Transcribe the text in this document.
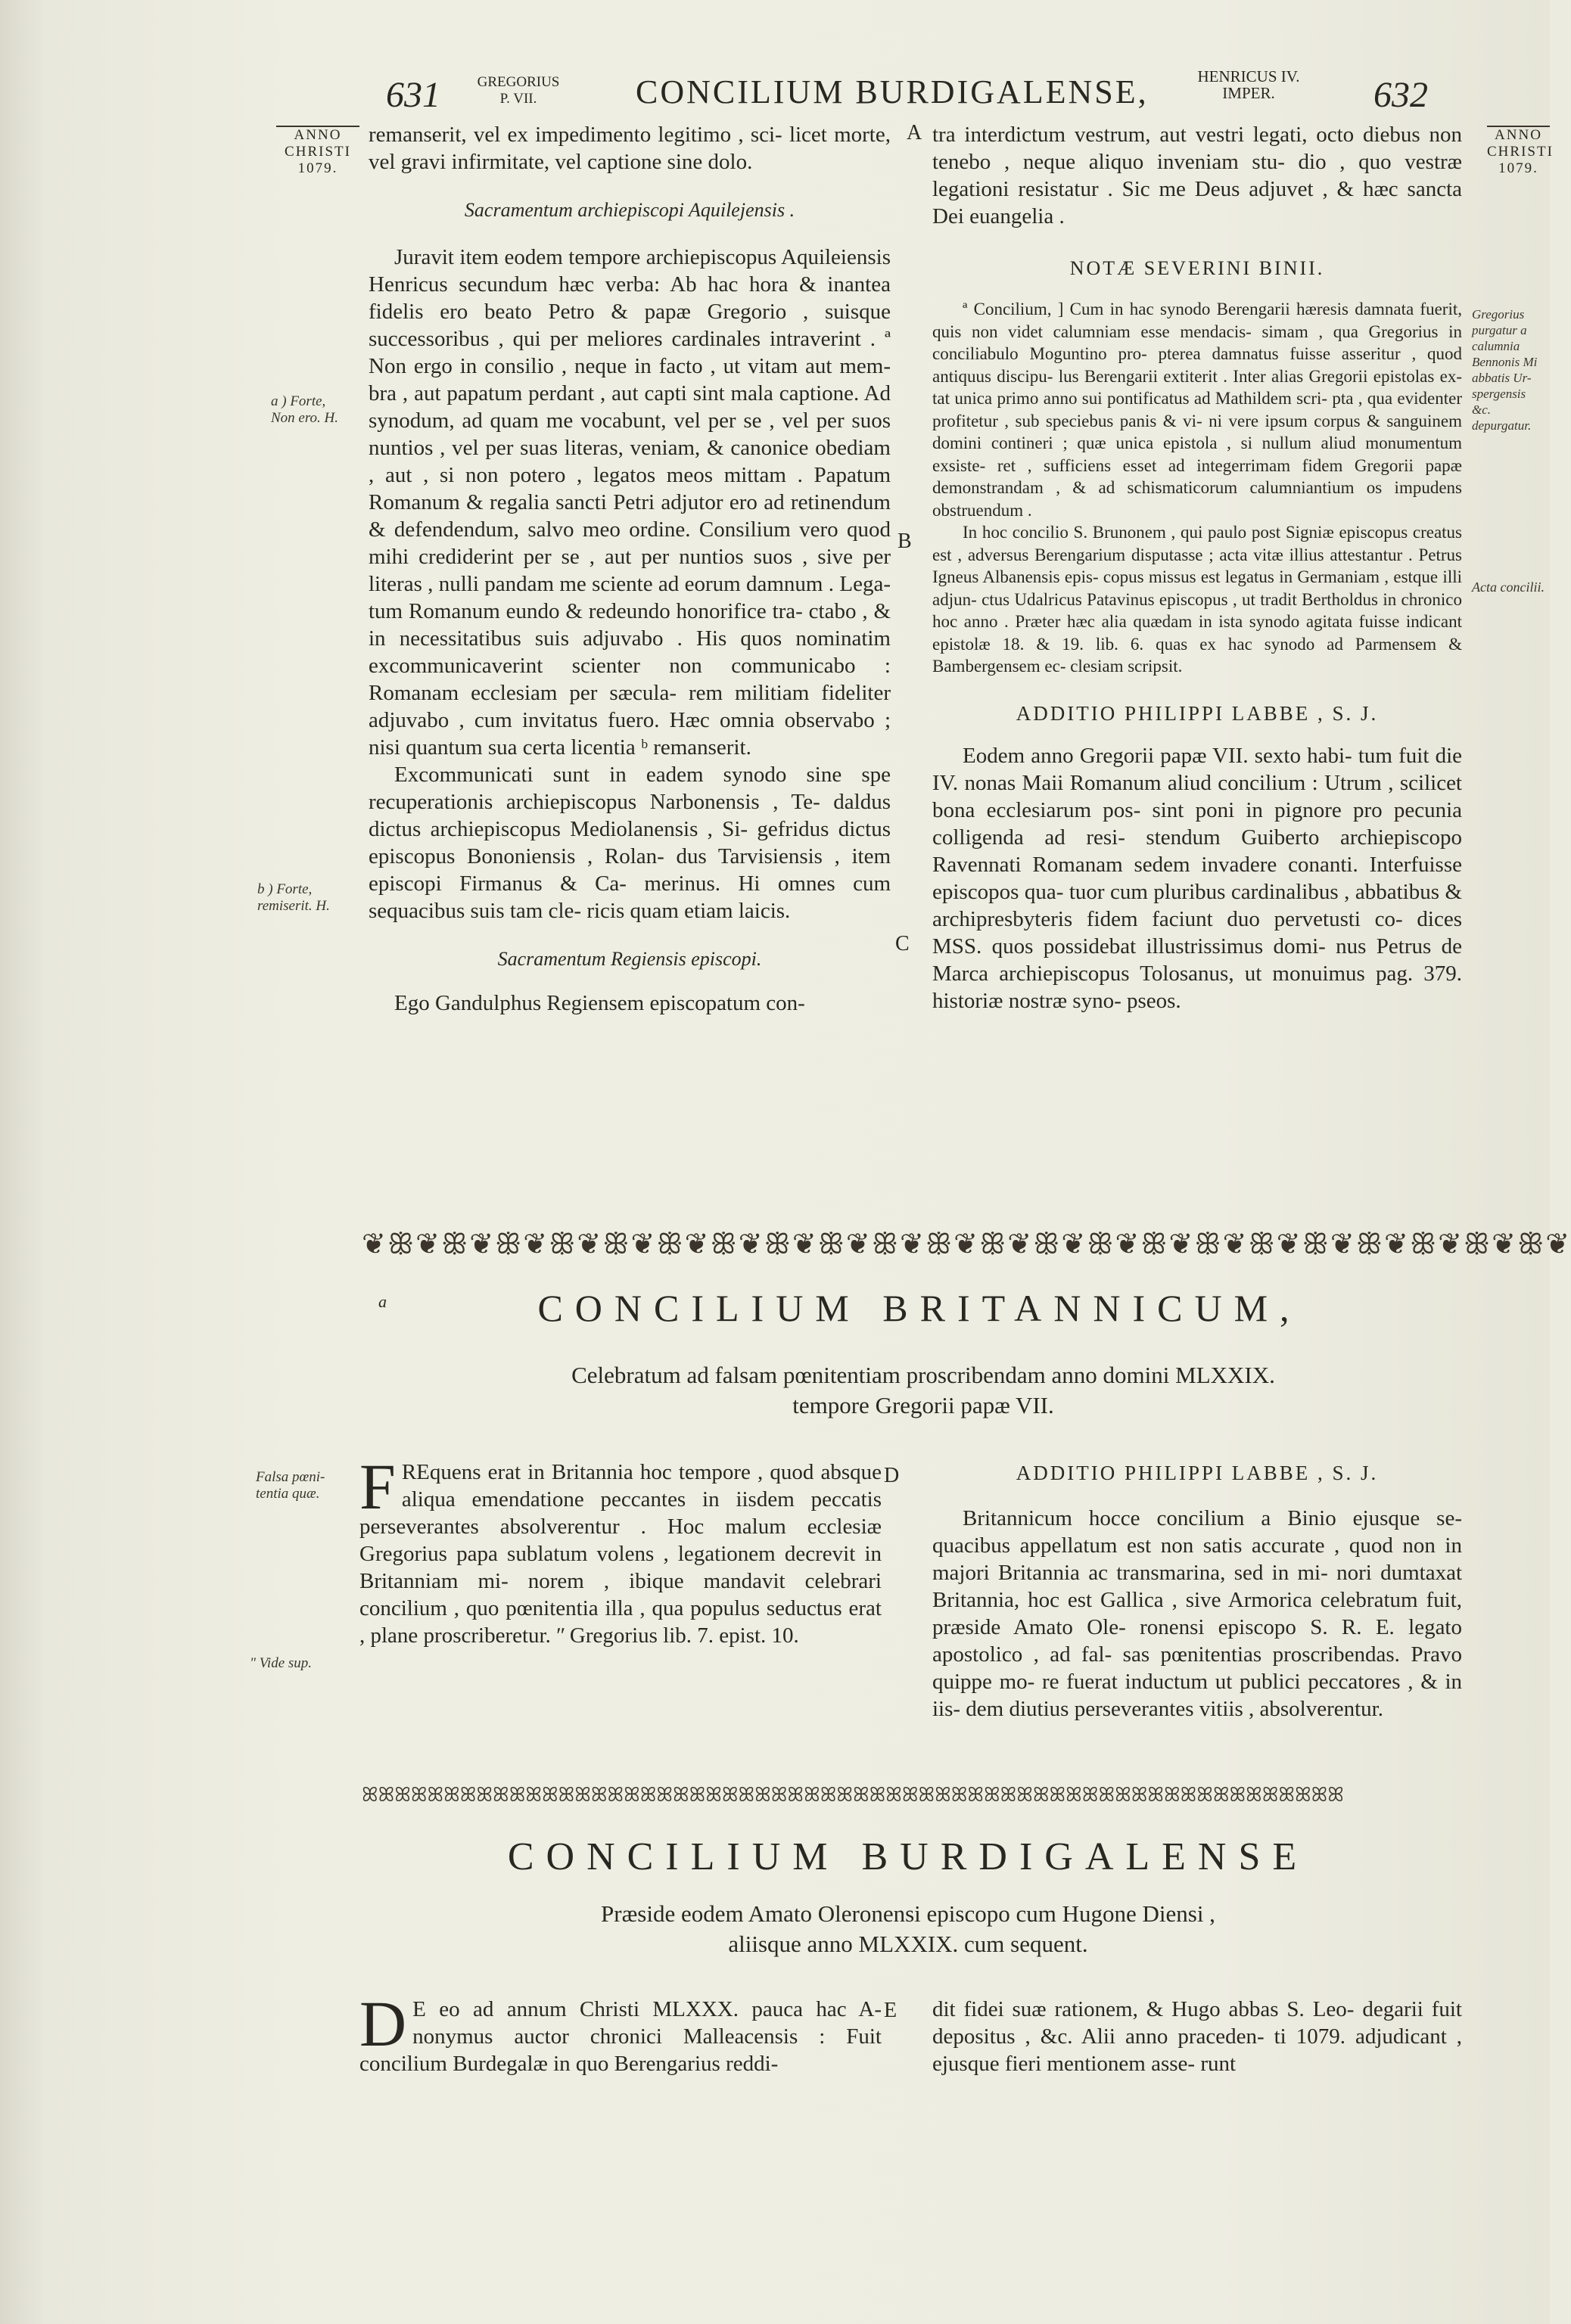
631	GREGORIUS
P. VII.	CONCILIUM BURDIGALENSE,	HENRICUS IV.
IMPER.	632
ANNO
CHRISTI
1079.
a ) Forte,
Non ero. H.
b ) Forte,
remiserit. H.
Falsa pœni-
tentia quæ.
ʺ Vide sup.
ANNO
CHRISTI
1079.
Gregorius purgatur a calumnia
Bennonis Mi abbatis Ur- spergensis &c. depurgatur.
Acta concilii.
A
B
C
D
E

remanserit, vel ex impedimento legitimo , sci- licet morte, vel gravi infirmitate, vel captione sine dolo.

Sacramentum archiepiscopi Aquilejensis .

Juravit item eodem tempore archiepiscopus Aquileiensis Henricus secundum hæc verba: Ab hac hora & inantea fidelis ero beato Petro & papæ Gregorio , suisque successoribus , qui per meliores cardinales intraverint . ª Non ergo in consilio , neque in facto , ut vitam aut mem- bra , aut papatum perdant , aut capti sint mala captione. Ad synodum, ad quam me vocabunt, vel per se , vel per suos nuntios , vel per suas literas, veniam, & canonice obediam , aut , si non potero , legatos meos mittam . Papatum Romanum & regalia sancti Petri adjutor ero ad retinendum & defendendum, salvo meo ordine. Consilium vero quod mihi crediderint per se , aut per nuntios suos , sive per literas , nulli pandam me sciente ad eorum damnum . Lega- tum Romanum eundo & redeundo honorifice tra- ctabo , & in necessitatibus suis adjuvabo . His quos nominatim excommunicaverint scienter non communicabo : Romanam ecclesiam per sæcula- rem militiam fideliter adjuvabo , cum invitatus fuero. Hæc omnia observabo ; nisi quantum sua certa licentia ᵇ remanserit.

Excommunicati sunt in eadem synodo sine spe recuperationis archiepiscopus Narbonensis , Te- daldus dictus archiepiscopus Mediolanensis , Si- gefridus dictus episcopus Bononiensis , Rolan- dus Tarvisiensis , item episcopi Firmanus & Ca- merinus. Hi omnes cum sequacibus suis tam cle- ricis quam etiam laicis.

Sacramentum Regiensis episcopi.

Ego Gandulphus Regiensem episcopatum con-

tra interdictum vestrum, aut vestri legati, octo diebus non tenebo , neque aliquo inveniam stu- dio , quo vestræ legationi resistatur . Sic me Deus adjuvet , & hæc sancta Dei euangelia .
NOTÆ SEVERINI BINII.

ª Concilium, ] Cum in hac synodo Berengarii hæresis damnata fuerit, quis non videt calumniam esse mendacis- simam , qua Gregorius in conciliabulo Moguntino pro- ptereа damnatus fuisse asseritur , quod antiquus discipu- lus Berengarii extiterit . Inter alias Gregorii epistolas ex- tat unica primo anno sui pontificatus ad Mathildem scri- pta , qua evidenter profitetur , sub speciebus panis & vi- ni vere ipsum corpus & sanguinem domini contineri ; quæ unica epistola , si nullum aliud monumentum exsiste- ret , sufficiens esset ad integerrimam fidem Gregorii papæ demonstrandam , & ad schismaticorum calumniantium os impudens obstruendum .

In hoc concilio S. Brunonem , qui paulo post Signiæ episcopus creatus est , adversus Berengarium disputasse ; acta vitæ illius attestantur . Petrus Igneus Albanensis epis- copus missus est legatus in Germaniam , estque illi adjun- ctus Udalricus Patavinus episcopus , ut tradit Bertholdus in chronico hoc anno . Præter hæc alia quædam in ista synodo agitata fuisse indicant epistolæ 18. & 19. lib. 6. quas ex hac synodo ad Parmensem & Bambergensem ec- clesiam scripsit.

ADDITIO PHILIPPI LABBE , S. J.
Eodem anno Gregorii papæ VII. sexto habi- tum fuit die IV. nonas Maii Romanum aliud concilium : Utrum , scilicet bona ecclesiarum pos- sint poni in pignore pro pecunia colligenda ad resi- stendum Guiberto archiepiscopo Ravennati Romanam sedem invadere conanti. Interfuisse episcopos qua- tuor cum pluribus cardinalibus , abbatibus & archipresbyteris fidem faciunt duo pervetusti co- dices MSS. quos possidebat illustrissimus domi- nus Petrus de Marca archiepiscopus Tolosanus, ut monuimus pag. 379. historiæ nostræ syno- psеos.
❦ꕥ❦ꕥ❦ꕥ❦ꕥ❦ꕥ❦ꕥ❦ꕥ❦ꕥ❦ꕥ❦ꕥ❦ꕥ❦ꕥ❦ꕥ❦ꕥ❦ꕥ❦ꕥ❦ꕥ❦ꕥ❦ꕥ❦ꕥ❦ꕥ❦ꕥ❦
a	CONCILIUM BRITANNICUM,
Celebratum ad falsam pœnitentiam proscribendam anno domini MLXXIX.
tempore Gregorii papæ VII.
F REquens erat in Britannia hoc tempore , quod absque aliqua emendatione peccantes in iisdem peccatis perseverantes absolverentur . Hoc malum ecclesiæ Gregorius papa sublatum volens , legationem decrevit in Britanniam mi- norem , ibique mandavit celebrari concilium , quo pœnitentia illa , qua populus seductus erat , plane proscriberetur. ʺ Gregorius lib. 7. epist. 10.
ADDITIO PHILIPPI LABBE , S. J.
Britannicum hocce concilium a Binio ejusque se- quacibus appellatum est non satis accurate , quod non in majori Britannia ac transmarina, sed in mi- nori dumtaxat Britannia, hoc est Gallica , sive Armorica celebratum fuit, præside Amato Ole- ronensi episcopo S. R. E. legato apostolico , ad fal- sas pœnitentias proscribendas. Pravo quippe mo- re fuerat inductum ut publici peccatores , & in iis- dem diutius perseverantes vitiis , absolverentur.
ꕤꕤꕤꕤꕤꕤꕤꕤꕤꕤꕤꕤꕤꕤꕤꕤꕤꕤꕤꕤꕤꕤꕤꕤꕤꕤꕤꕤꕤꕤꕤꕤꕤꕤꕤꕤꕤꕤꕤꕤꕤꕤꕤꕤꕤꕤꕤꕤꕤꕤꕤꕤꕤꕤꕤꕤꕤꕤꕤꕤ
CONCILIUM BURDIGALENSE
Præside eodem Amato Oleronensi episcopo cum Hugone Diensi ,
aliisque anno MLXXIX. cum sequent.
D E eo ad annum Christi MLXXX. pauca hac A- nonymus auctor chronici Malleacensis : Fuit concilium Burdegalæ in quo Berengarius reddi-
dit fidei suæ rationem, & Hugo abbas S. Leo- degarii fuit depositus , &c. Alii anno praceden- ti 1079. adjudicant , ejusque fieri mentionem asse- runt
